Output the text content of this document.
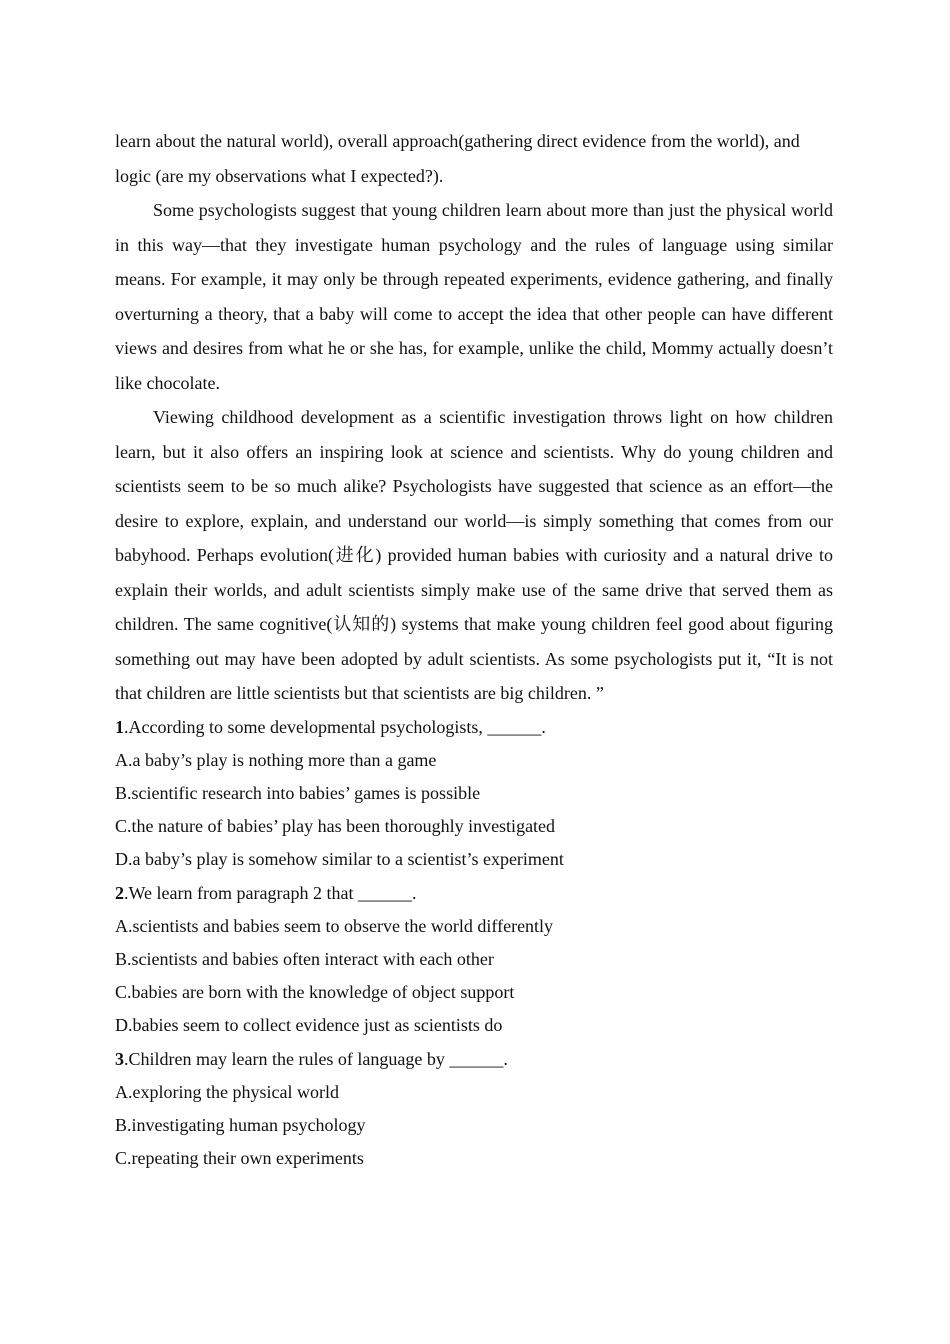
learn about the natural world), overall approach(gathering direct evidence from the world), and logic (are my observations what I expected?).

Some psychologists suggest that young children learn about more than just the physical world in this way—that they investigate human psychology and the rules of language using similar means. For example, it may only be through repeated experiments, evidence gathering, and finally overturning a theory, that a baby will come to accept the idea that other people can have different views and desires from what he or she has, for example, unlike the child, Mommy actually doesn’t like chocolate.

Viewing childhood development as a scientific investigation throws light on how children learn, but it also offers an inspiring look at science and scientists. Why do young children and scientists seem to be so much alike? Psychologists have suggested that science as an effort—the desire to explore, explain, and understand our world—is simply something that comes from our babyhood. Perhaps evolution(进化) provided human babies with curiosity and a natural drive to explain their worlds, and adult scientists simply make use of the same drive that served them as children. The same cognitive(认知的) systems that make young children feel good about figuring something out may have been adopted by adult scientists. As some psychologists put it, “It is not that children are little scientists but that scientists are big children. ”

1.According to some developmental psychologists, ______.
A.a baby’s play is nothing more than a game
B.scientific research into babies’ games is possible
C.the nature of babies’ play has been thoroughly investigated
D.a baby’s play is somehow similar to a scientist’s experiment
2.We learn from paragraph 2 that ______.
A.scientists and babies seem to observe the world differently
B.scientists and babies often interact with each other
C.babies are born with the knowledge of object support
D.babies seem to collect evidence just as scientists do
3.Children may learn the rules of language by ______.
A.exploring the physical world
B.investigating human psychology
C.repeating their own experiments
